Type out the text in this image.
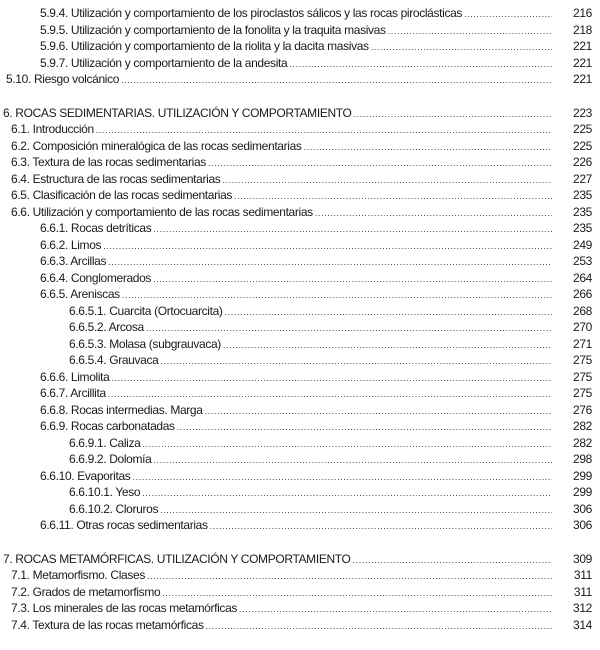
5.9.4. Utilización y comportamiento de los piroclastos sálicos y las rocas piroclásticas .....	216
5.9.5. Utilización y comportamiento de la fonolita y la traquita masivas .....	218
5.9.6. Utilización y comportamiento de la riolita y la dacita masivas .....	221
5.9.7. Utilización y comportamiento de la andesita .....	221
5.10. Riesgo volcánico .....	221
6. ROCAS SEDIMENTARIAS. UTILIZACIÓN Y COMPORTAMIENTO .....	223
6.1. Introducción .....	225
6.2. Composición mineralógica de las rocas sedimentarias .....	225
6.3. Textura de las rocas sedimentarias .....	226
6.4. Estructura de las rocas sedimentarias .....	227
6.5. Clasificación de las rocas sedimentarias .....	235
6.6. Utilización y comportamiento de las rocas sedimentarias .....	235
6.6.1. Rocas detríticas .....	235
6.6.2. Limos .....	249
6.6.3. Arcillas .....	253
6.6.4. Conglomerados .....	264
6.6.5. Areniscas .....	266
6.6.5.1. Cuarcita (Ortocuarcita) .....	268
6.6.5.2. Arcosa .....	270
6.6.5.3. Molasa (subgrauvaca) .....	271
6.6.5.4. Grauvaca .....	275
6.6.6. Limolita .....	275
6.6.7. Arcillita .....	275
6.6.8. Rocas intermedias. Marga .....	276
6.6.9. Rocas carbonatadas .....	282
6.6.9.1. Caliza .....	282
6.6.9.2. Dolomía .....	298
6.6.10. Evaporitas .....	299
6.6.10.1. Yeso .....	299
6.6.10.2. Cloruros .....	306
6.6.11. Otras rocas sedimentarias .....	306
7. ROCAS METAMÓRFICAS. UTILIZACIÓN Y COMPORTAMIENTO .....	309
7.1. Metamorfismo. Clases .....	311
7.2. Grados de metamorfismo .....	311
7.3. Los minerales de las rocas metamórficas .....	312
7.4. Textura de las rocas metamórficas .....	314
